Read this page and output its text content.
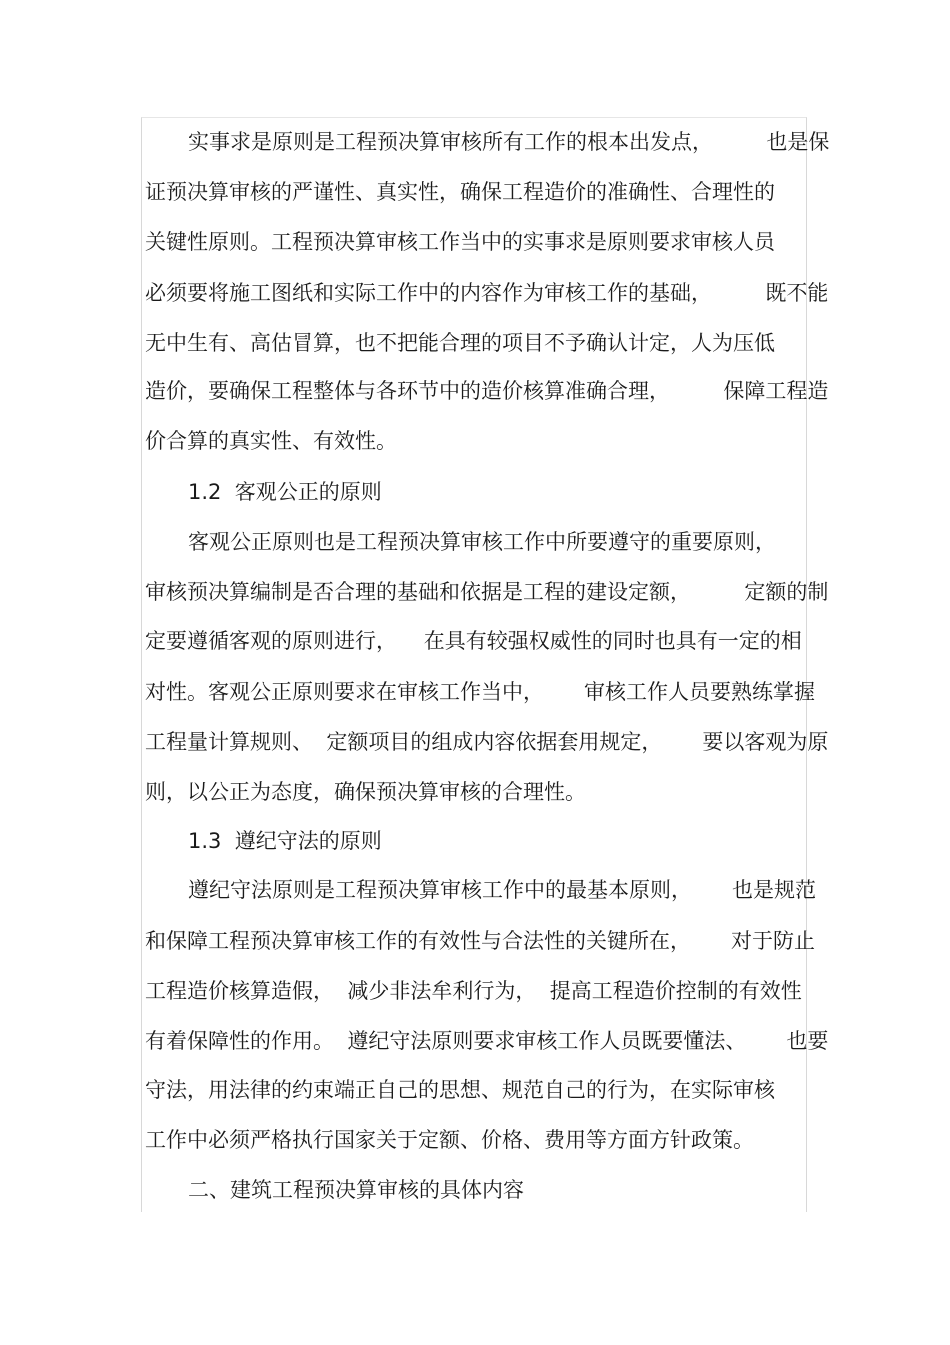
实事求是原则是工程预决算审核所有工作的根本出发点，        也是保
证预决算审核的严谨性、真实性，确保工程造价的准确性、合理性的
关键性原则。工程预决算审核工作当中的实事求是原则要求审核人员
必须要将施工图纸和实际工作中的内容作为审核工作的基础，        既不能
无中生有、高估冒算，也不把能合理的项目不予确认计定，人为压低
造价，要确保工程整体与各环节中的造价核算准确合理，        保障工程造
价合算的真实性、有效性。
1.2  客观公正的原则
客观公正原则也是工程预决算审核工作中所要遵守的重要原则，
审核预决算编制是否合理的基础和依据是工程的建设定额，        定额的制
定要遵循客观的原则进行，    在具有较强权威性的同时也具有一定的相
对性。客观公正原则要求在审核工作当中，      审核工作人员要熟练掌握
工程量计算规则、  定额项目的组成内容依据套用规定，      要以客观为原
则，以公正为态度，确保预决算审核的合理性。
1.3  遵纪守法的原则
遵纪守法原则是工程预决算审核工作中的最基本原则，      也是规范
和保障工程预决算审核工作的有效性与合法性的关键所在，      对于防止
工程造价核算造假，  减少非法牟利行为，  提高工程造价控制的有效性
有着保障性的作用。  遵纪守法原则要求审核工作人员既要懂法、      也要
守法，用法律的约束端正自己的思想、规范自己的行为，在实际审核
工作中必须严格执行国家关于定额、价格、费用等方面方针政策。
二、建筑工程预决算审核的具体内容
